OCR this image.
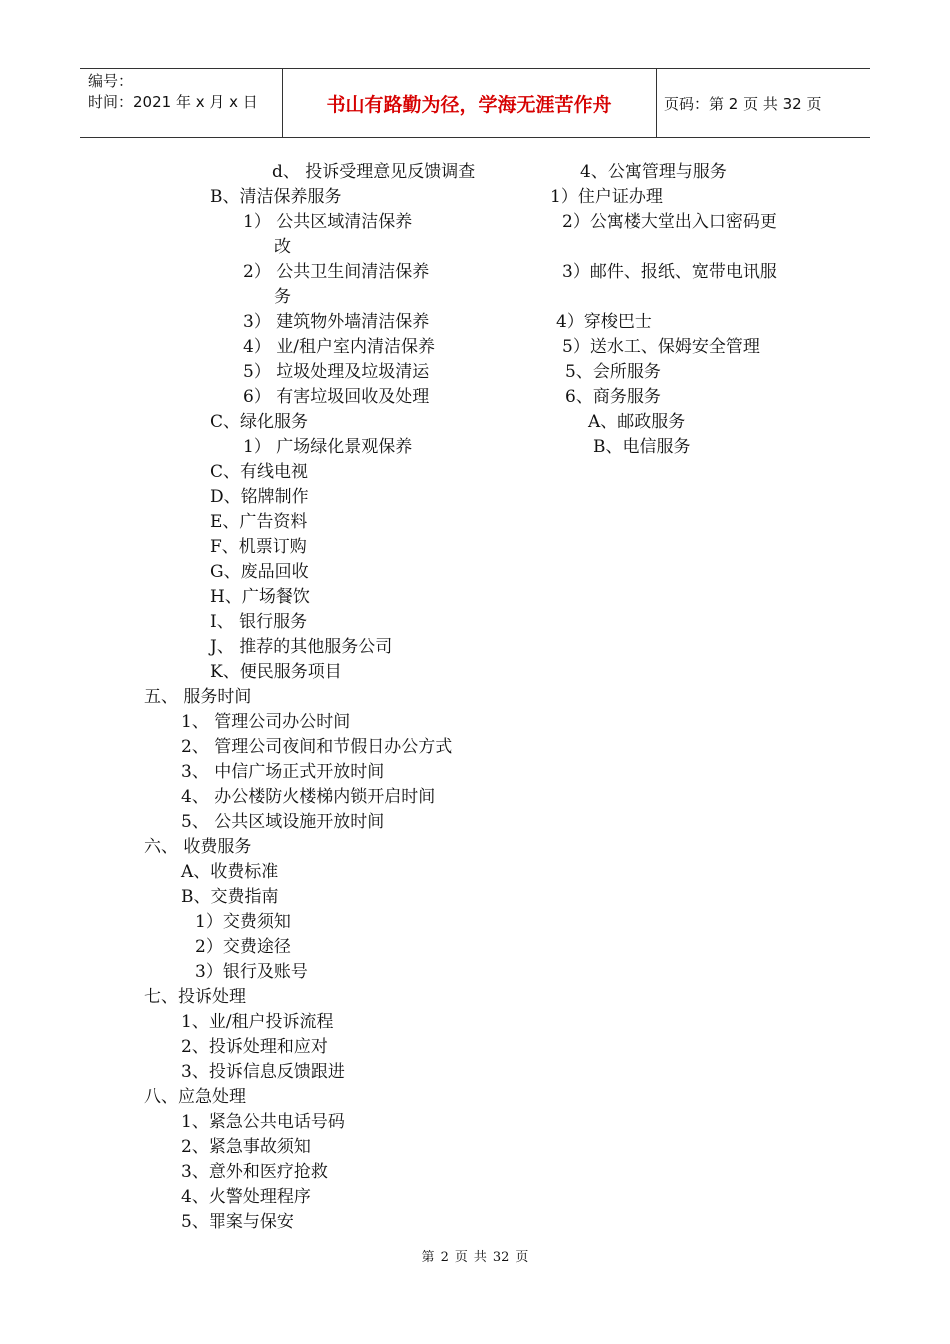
编号：
时间：2021 年 x 月 x 日	书山有路勤为径，学海无涯苦作舟	页码：第 2 页 共 32 页
d、 投诉受理意见反馈调查
B、清洁保养服务
1） 公共区域清洁保养
2） 公共卫生间清洁保养
3） 建筑物外墙清洁保养
4） 业/租户室内清洁保养
5） 垃圾处理及垃圾清运
6） 有害垃圾回收及处理
C、绿化服务
1） 广场绿化景观保养
C、有线电视
D、铭牌制作
E、广告资料
F、机票订购
G、废品回收
H、广场餐饮
I、 银行服务
J、 推荐的其他服务公司
K、便民服务项目
五、 服务时间
1、 管理公司办公时间
2、 管理公司夜间和节假日办公方式
3、 中信广场正式开放时间
4、 办公楼防火楼梯内锁开启时间
5、 公共区域设施开放时间
六、 收费服务
A、收费标准
B、交费指南
1）交费须知
2）交费途径
3）银行及账号
七、投诉处理
1、业/租户投诉流程
2、投诉处理和应对
3、投诉信息反馈跟进
八、应急处理
1、紧急公共电话号码
2、紧急事故须知
3、意外和医疗抢救
4、火警处理程序
5、罪案与保安
4、公寓管理与服务
1）住户证办理
2）公寓楼大堂出入口密码更
改
3）邮件、报纸、宽带电讯服
务
4）穿梭巴士
5）送水工、保姆安全管理
5、会所服务
6、商务服务
A、邮政服务
B、电信服务
第 2 页 共 32 页
